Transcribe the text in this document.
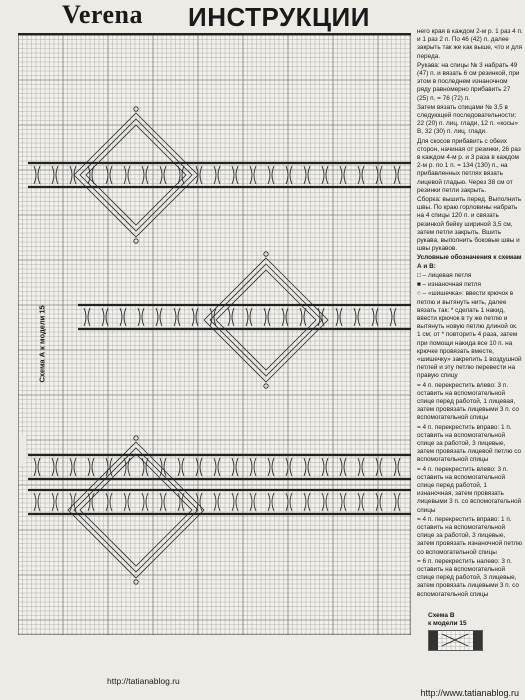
Verena ИНСТРУКЦИИ
Схема А к модели 15

него края в каждом 2-м р. 1 раз 4 п. и 1 раз 2 п. По 46 (42) п. далее закрыть так же как выше, что и для переда.

Рукава: на спицы № 3 набрать 49 (47) п. и вязать 6 см резинкой, при этом в последнем изнаночном ряду равномерно прибавить 27 (25) п. = 76 (72) п.

Затем вязать спицами № 3,5 в следующей последовательности: 22 (20) п. лиц. глади, 12 п. «косы» В, 32 (30) п. лиц. глади.

Для скосов прибавить с обеих сторон, начиная от резинки, 26 раз в каждом 4-м р. и 3 раза в каждом 2-м р. по 1 п. = 134 (130) п., на прибавленных петлях вязать лицевой гладью. Через 38 см от резинки петли закрыть.

Сборка: вышить перед. Выполнить швы. По краю горловины набрать на 4 спицы 120 п. и связать резинкой бейку шириной 3,5 см, затем петли закрыть. Вшить рукава, выполнить боковые швы и швы рукавов.

Условные обозначения к схемам А и В:

□ – лицевая петля

■ – изнаночная петля

○ – «шишечка»: ввести крючок в петлю и вытянуть нить, далее вязать так: * сделать 1 накид, ввести крючок в ту же петлю и вытянуть новую петлю длиной ок. 1 см; от * повторить 4 раза, затем при помощи накида все 10 п. на крючке провязать вместе, «шишечку» закрепить 1 воздушной петлей и эту петлю перевести на правую спицу

= 4 п. перекрестить влево: 3 п. оставить на вспомогательной спице перед работой, 1 лицевая, затем провязать лицевыми 3 п. со вспомогательной спицы

= 4 п. перекрестить вправо: 1 п. оставить на вспомогательной спице за работой, 3 лицевые, затем провязать лицевой петлю со вспомогательной спицы

= 4 п. перекрестить влево: 3 п. оставить на вспомогательной спице перед работой, 1 изнаночная, затем провязать лицевыми 3 п. со вспомогательной спицы

= 4 п. перекрестить вправо: 1 п. оставить на вспомогательной спице за работой, 3 лицевые, затем провязать изнаночной петлю со вспомогательной спицы

= 6 п. перекрестить налево: 3 п. оставить на вспомогательной спице перед работой, 3 лицевые, затем провязать лицевыми 3 п. со вспомогательной спицы

Схема В
к модели 15
http://tatianablog.ru
http://www.tatianablog.ru
